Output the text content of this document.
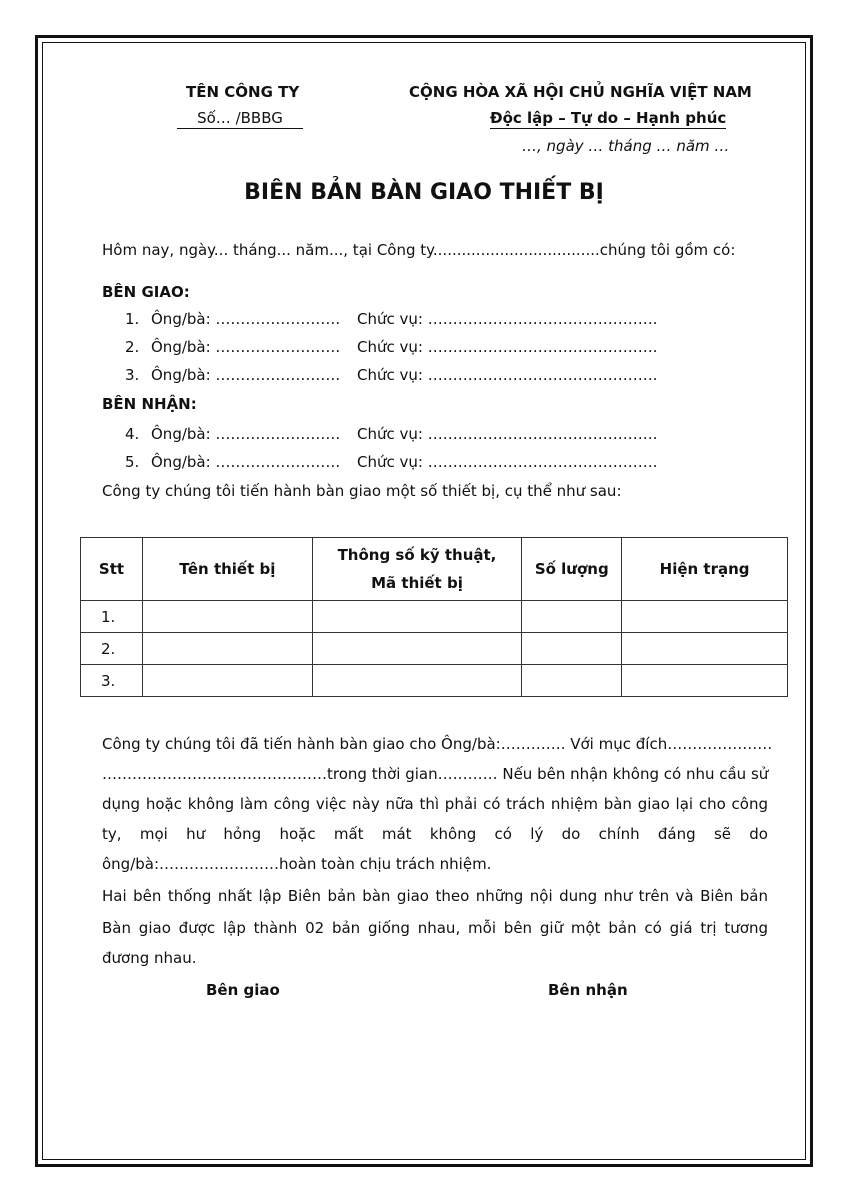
TÊN CÔNG TY
Số… /BBBG
CỘNG HÒA XÃ HỘI CHỦ NGHĨA VIỆT NAM
Độc lập – Tự do – Hạnh phúc
…, ngày … tháng … năm …
BIÊN BẢN BÀN GIAO THIẾT BỊ
Hôm nay, ngày... tháng... năm..., tại Công ty...................................chúng tôi gồm có:
BÊN GIAO:
1. Ông/bà: ……………………. Chức vụ: ……………………………………….
2. Ông/bà: ……………………. Chức vụ: ……………………………………….
3. Ông/bà: ……………………. Chức vụ: ……………………………………….
BÊN NHẬN:
4. Ông/bà: ……………………. Chức vụ: ……………………………………….
5. Ông/bà: ……………………. Chức vụ: ……………………………………….
Công ty chúng tôi tiến hành bàn giao một số thiết bị, cụ thể như sau:
Stt	Tên thiết bị	Thông số kỹ thuật,
Mã thiết bị	Số lượng	Hiện trạng
1.				
2.				
3.				
Công ty chúng tôi đã tiến hành bàn giao cho Ông/bà:…………. Với mục đích…………………
………………………………………trong thời gian………… Nếu bên nhận không có nhu cầu sử
dụng hoặc không làm công việc này nữa thì phải có trách nhiệm bàn giao lại cho công
ty, mọi hư hỏng hoặc mất mát không có lý do chính đáng sẽ do
ông/bà:……………………hoàn toàn chịu trách nhiệm.
Hai bên thống nhất lập Biên bản bàn giao theo những nội dung như trên và Biên bản
Bàn giao được lập thành 02 bản giống nhau, mỗi bên giữ một bản có giá trị tương
đương nhau.
Bên giao	Bên nhận
